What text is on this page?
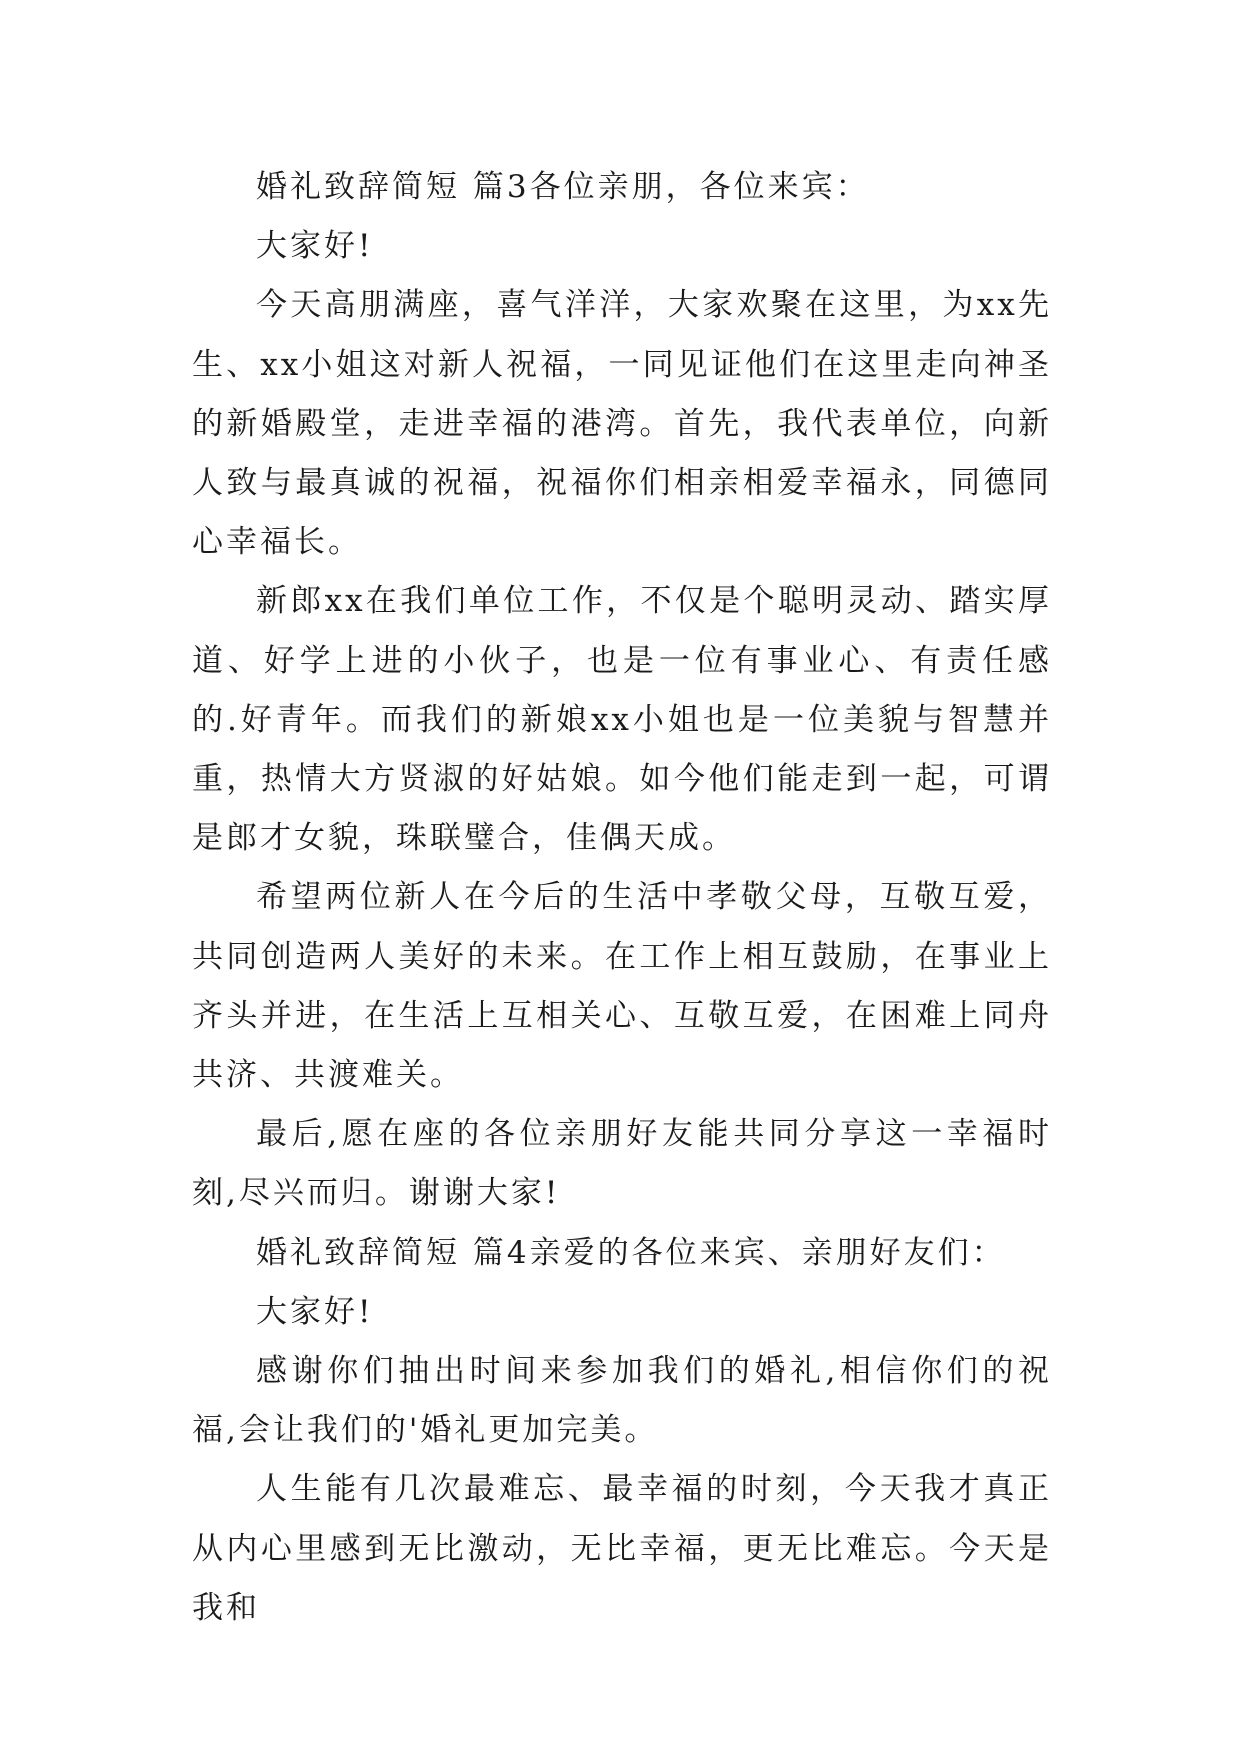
婚礼致辞简短 篇3各位亲朋，各位来宾：

大家好!

今天高朋满座，喜气洋洋，大家欢聚在这里，为xx先生、xx小姐这对新人祝福，一同见证他们在这里走向神圣的新婚殿堂，走进幸福的港湾。首先，我代表单位，向新人致与最真诚的祝福，祝福你们相亲相爱幸福永，同德同心幸福长。

新郎xx在我们单位工作，不仅是个聪明灵动、踏实厚道、好学上进的小伙子，也是一位有事业心、有责任感的.好青年。而我们的新娘xx小姐也是一位美貌与智慧并重，热情大方贤淑的好姑娘。如今他们能走到一起，可谓是郎才女貌，珠联璧合，佳偶天成。

希望两位新人在今后的生活中孝敬父母，互敬互爱，共同创造两人美好的未来。在工作上相互鼓励，在事业上齐头并进，在生活上互相关心、互敬互爱，在困难上同舟共济、共渡难关。

最后,愿在座的各位亲朋好友能共同分享这一幸福时刻,尽兴而归。谢谢大家!

婚礼致辞简短 篇4亲爱的各位来宾、亲朋好友们：

大家好!

感谢你们抽出时间来参加我们的婚礼,相信你们的祝福,会让我们的'婚礼更加完美。

人生能有几次最难忘、最幸福的时刻，今天我才真正从内心里感到无比激动，无比幸福，更无比难忘。今天是我和
